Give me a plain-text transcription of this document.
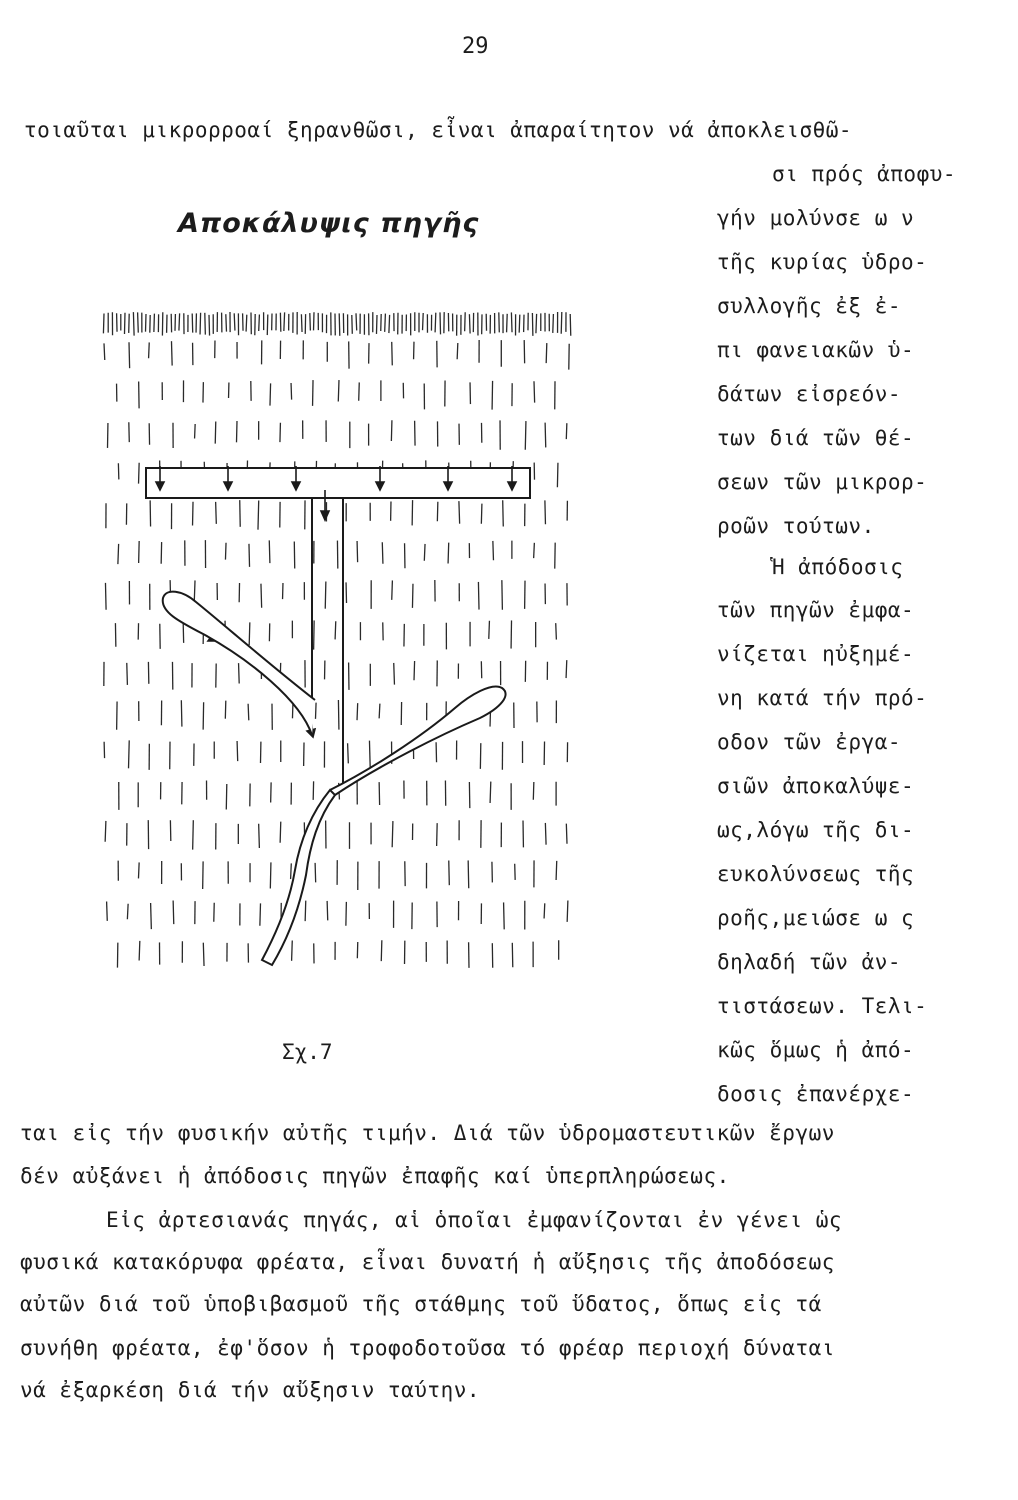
29
Αποκάλυψις πηγῆς
Σχ.7
τοιαῦται μικρορροαί ξηρανθῶσι, εἶναι ἀπαραίτητον νά ἀποκλεισθῶ-
σι πρός ἀποφυ-
γήν μολύνσε ω ν
τῆς κυρίας ὑδρο-
συλλογῆς ἐξ ἐ-
πι φανειακῶν ὑ-
δάτων εἰσρεόν-
των διά τῶν θέ-
σεων τῶν μικρορ-
ροῶν τούτων.
Ἡ ἀπόδοσις
τῶν πηγῶν ἐμφα-
νίζεται ηὐξημέ-
νη κατά τήν πρό-
οδον τῶν ἐργα-
σιῶν ἀποκαλύψε-
ως,λόγω τῆς δι-
ευκολύνσεως τῆς
ροῆς,μειώσε ω ς
δηλαδή τῶν ἀν-
τιστάσεων. Τελι-
κῶς ὅμως ἡ ἀπό-
δοσις ἐπανέρχε-
ται εἰς τήν φυσικήν αὐτῆς τιμήν. Διά τῶν ὑδρομαστευτικῶν ἔργων
δέν αὐξάνει ἡ ἀπόδοσις πηγῶν ἐπαφῆς καί ὑπερπληρώσεως.
Εἰς ἀρτεσιανάς πηγάς, αἱ ὁποῖαι ἐμφανίζονται ἐν γένει ὡς
φυσικά κατακόρυφα φρέατα, εἶναι δυνατή ἡ αὔξησις τῆς ἀποδόσεως
αὐτῶν διά τοῦ ὑποβιβασμοῦ τῆς στάθμης τοῦ ὕδατος, ὅπως εἰς τά
συνήθη φρέατα, ἐφ'ὅσον ἡ τροφοδοτοῦσα τό φρέαρ περιοχή δύναται
νά ἐξαρκέση διά τήν αὔξησιν ταύτην.
